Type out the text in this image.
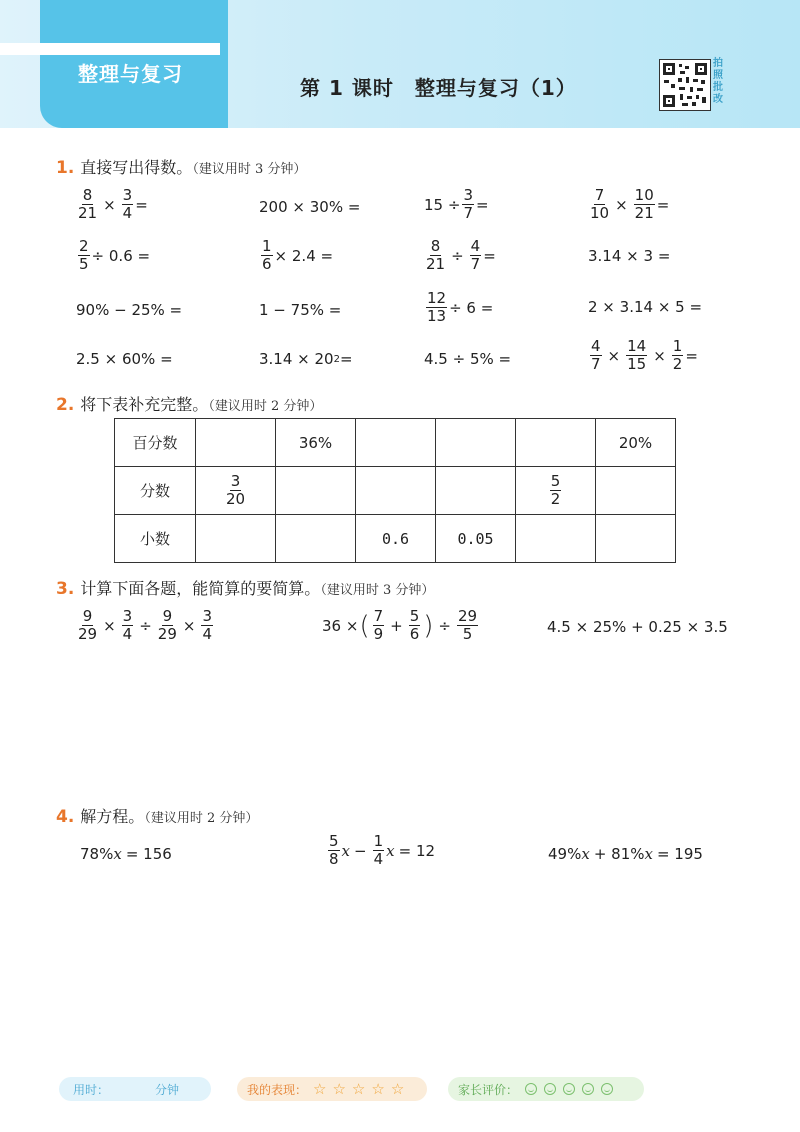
整理与复习
第 1 课时　整理与复习（1）
拍照批改
1. 直接写出得数。（建议用时 3 分钟）
$\frac{8}{21} \times \frac{3}{4}$ =	200 × 30% =	$15 \div \frac{3}{7}$ =	$\frac{7}{10} \times \frac{10}{21}$ =
$\frac{2}{5} \div 0.6$ =	$\frac{1}{6} \times 2.4$ =	$\frac{8}{21} \div \frac{4}{7}$ =	3.14 × 3 =
90% − 25% =	1 − 75% =	$\frac{12}{13} \div 6$ =	2 × 3.14 × 5 =
2.5 × 60% =	3.14 × 20 2 =	4.5 ÷ 5% =	$\frac{4}{7} \times \frac{14}{15} \times \frac{1}{2}$ =
2. 将下表补充完整。（建议用时 2 分钟）
百分数		36%				20%
分数	$\frac{3}{20}$				$\frac{5}{2}$

小数			0.6	0.05		
3. 计算下面各题，能简算的要简算。（建议用时 3 分钟）
$\frac{9}{29} \times \frac{3}{4} \div \frac{9}{29} \times \frac{3}{4}$	36 × ( $\frac{7}{9} + \frac{5}{6}$ ) ÷ $\frac{29}{5}$	4.5 × 25% + 0.25 × 3.5
4. 解方程。（建议用时 2 分钟）
78% x = 156	$\frac{5}{8}$ $x - \frac{1}{4}$ x = 12	49% x + 81% x = 195
用时：	分钟	我的表现： ☆ ☆ ☆ ☆ ☆	家长评价：
